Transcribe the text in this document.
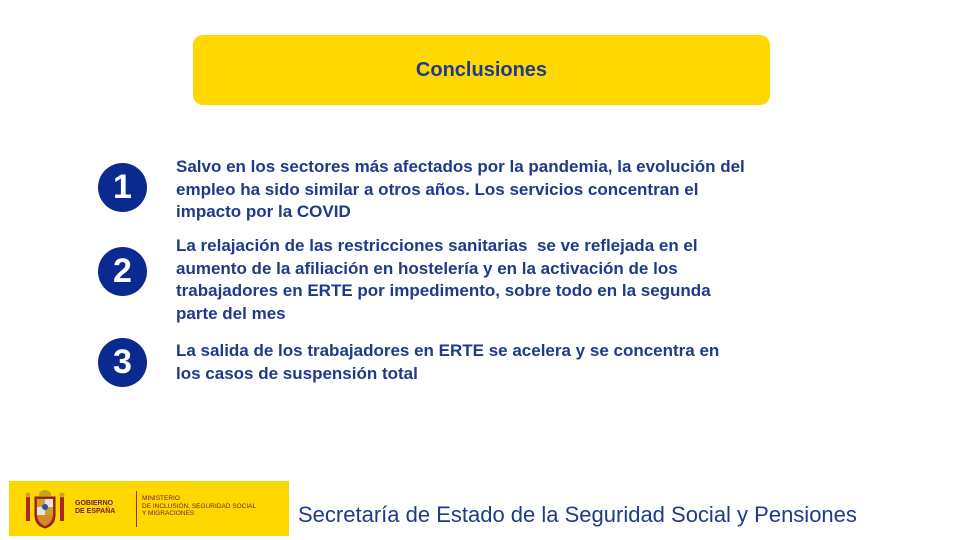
Conclusiones
1
Salvo en los sectores más afectados por la pandemia, la evolución del
empleo ha sido similar a otros años. Los servicios concentran el
impacto por la COVID
2
La relajación de las restricciones sanitarias  se ve reflejada en el
aumento de la afiliación en hostelería y en la activación de los
trabajadores en ERTE por impedimento, sobre todo en la segunda
parte del mes
3	La salida de los trabajadores en ERTE se acelera y se concentra en
los casos de suspensión total
GOBIERNO
DE ESPAÑA
MINISTERIO
DE INCLUSIÓN, SEGURIDAD SOCIAL
Y MIGRACIONES	Secretaría de Estado de la Seguridad Social y Pensiones
